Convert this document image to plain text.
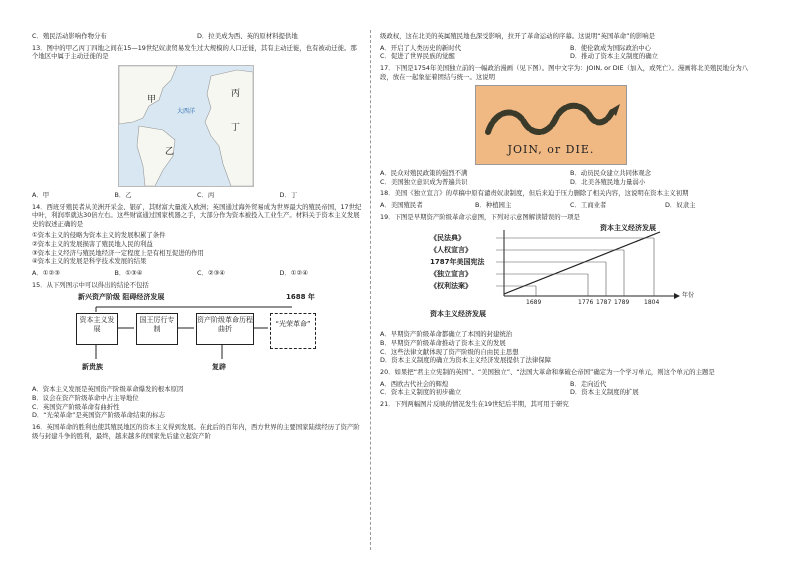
C．殖民活动影响作物分布	D．拉美成为西、英的原材料提供地
13．图中的甲乙丙丁四地之间在15—19世纪奴隶贸易发生过大规模的人口迁徙，其有主动迁徙，也有被动迁徙。那个地区中属于主动迁徙的是
甲
大西洋
丙
丁
乙
A．甲	B．乙	C．丙	D．丁
14．西班牙殖民者从美洲开采金、银矿，其财富大量流入欧洲；英国通过海外贸易成为世界最大的殖民帝国，17世纪中叶，利润率就达30倍左右。这些财富通过国家机器之手，大部分作为资本被投入工业生产。材料关于资本主义发展史的叙述正确的是
①资本主义的侵略为资本主义的发展积累了条件
②资本主义的发展损害了殖民地人民的利益
③资本主义经济与殖民地经济一定程度上是有相互促进的作用
④资本主义的发展是科学技术发展的结果
A．①②③	B．①③④	C．②③④	D．①②④
15．从下列图示中可以得出的结论不包括
新兴资产阶级 阻碍经济发展	1688 年
资本主义发展
国王厉行专制
资产阶级革命历程曲折
“光荣革命”
新贵族	复辟
A．资本主义发展是英国资产阶级革命爆发的根本原因
B．议会在资产阶级革命中占主导地位
C．英国资产阶级革命有曲折性
D．“光荣革命”是英国资产阶级革命结束的标志
16．英国革命的胜利也使其殖民地区的资本主义得到发展。在此后的百年内，西方世界的主要国家陆续经历了资产阶级与封建斗争的胜利，最终，越来越多的国家先后建立起资产阶
级政权，这在北美的英属殖民地也深受影响，拉开了革命运动的序幕。这说明“英国革命”的影响是
A．开启了人类历史的新时代	B．使伦敦成为国际政治中心
C．促进了世界民族的觉醒	D．推动了资本主义制度的确立
17．下图是1754年美国独立前的一幅政治漫画（见下图）。图中文字为：JOIN, or DIE（加入，或死亡）。漫画将北美殖民地分为八段，放在一起象征着团结与统一。这说明
JOIN, or DIE.
A．民众对殖民政策的强烈不满	B．动员民众建立共同体观念
C．美国独立意识成为普遍共识	D．北美各殖民地力量弱小
18．美国《独立宣言》的草稿中原有谴责奴隶制度，但后来迫于压力删除了相关内容，这说明在资本主义初期
A．美国殖民者	B．种植园主	C．工商业者	D．奴隶主
19．下图是早期资产阶级革命示意图，下列对示意图解读错误的一项是
资本主义经济发展
《民法典》
《人权宣言》
1787年美国宪法
《独立宣言》
《权利法案》
1689	1776 1787 1789 1804
年份
资本主义经济发展
A．早期资产阶级革命都确立了本国的封建统治
B．早期资产阶级革命推动了资本主义的发展
C．这些法律文献体现了资产阶级的自由民主思想
D．资本主义制度的确立为资本主义经济发展提供了法律保障
20．如果把“君主立宪制的英国”、“美国独立”、“法国大革命和拿破仑帝国”确定为一个学习单元，则这个单元的主题是
A．西欧古代社会的辉煌	B．走向近代
C．资本主义制度的初步确立	D．资本主义制度的扩展
21．下列两幅图片反映的情况发生在19世纪后半期，其可用于研究
